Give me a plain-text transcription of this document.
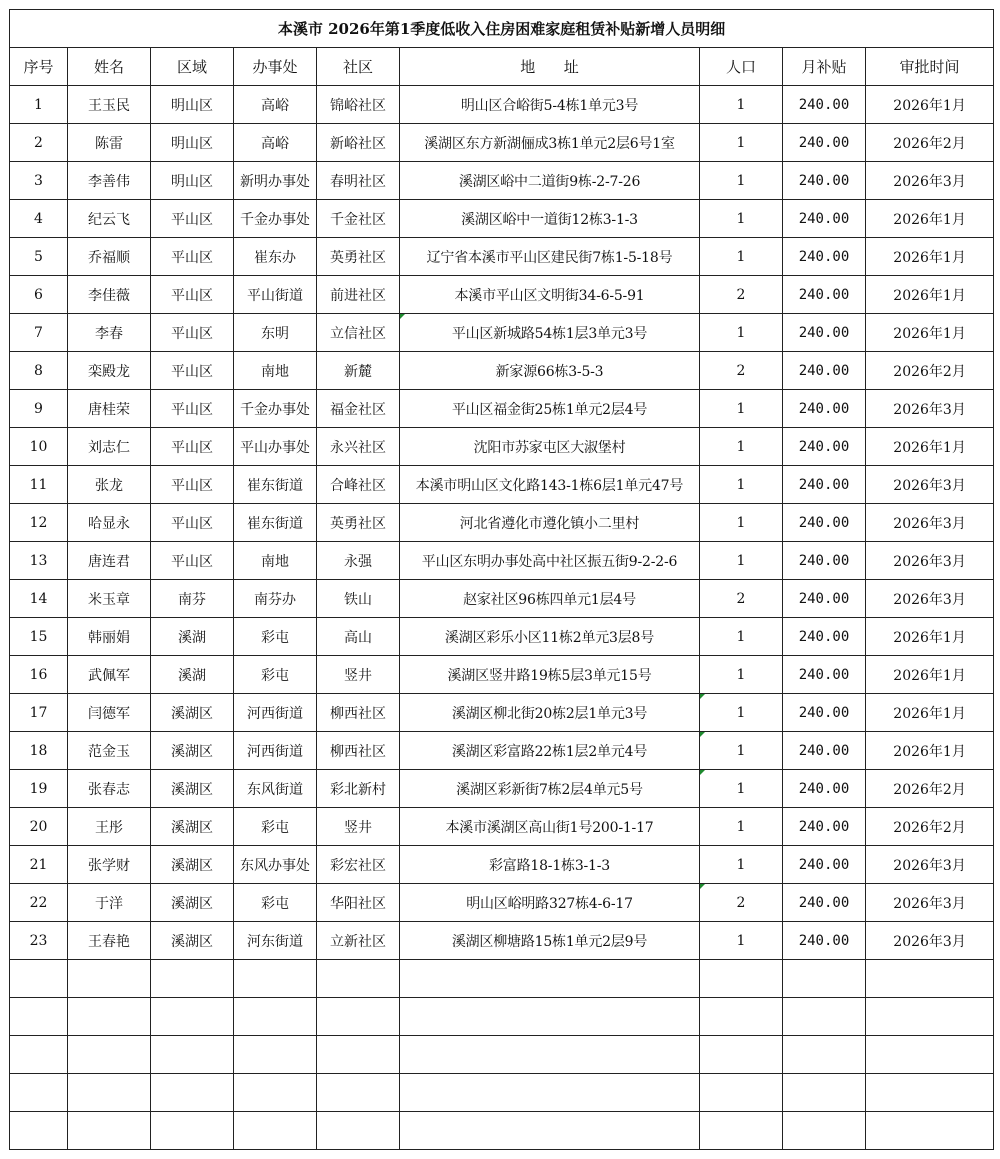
本溪市 2026年第1季度低收入住房困难家庭租赁补贴新增人员明细								
序号	姓名	区域	办事处	社区	地      址	人口	月补贴	审批时间
1	王玉民	明山区	高峪	锦峪社区	明山区合峪街5-4栋1单元3号	1	240.00	2026年1月
2	陈雷	明山区	高峪	新峪社区	溪湖区东方新湖俪成3栋1单元2层6号1室	1	240.00	2026年2月
3	李善伟	明山区	新明办事处	春明社区	溪湖区峪中二道街9栋-2-7-26	1	240.00	2026年3月
4	纪云飞	平山区	千金办事处	千金社区	溪湖区峪中一道街12栋3-1-3	1	240.00	2026年1月
5	乔福顺	平山区	崔东办	英勇社区	辽宁省本溪市平山区建民街7栋1-5-18号	1	240.00	2026年1月
6	李佳薇	平山区	平山街道	前进社区	本溪市平山区文明街34-6-5-91	2	240.00	2026年1月
7	李春	平山区	东明	立信社区	平山区新城路54栋1层3单元3号	1	240.00	2026年1月
8	栾殿龙	平山区	南地	新麓	新家源66栋3-5-3	2	240.00	2026年2月
9	唐桂荣	平山区	千金办事处	福金社区	平山区福金街25栋1单元2层4号	1	240.00	2026年3月
10	刘志仁	平山区	平山办事处	永兴社区	沈阳市苏家屯区大淑堡村	1	240.00	2026年1月
11	张龙	平山区	崔东街道	合峰社区	本溪市明山区文化路143-1栋6层1单元47号	1	240.00	2026年3月
12	哈显永	平山区	崔东街道	英勇社区	河北省遵化市遵化镇小二里村	1	240.00	2026年3月
13	唐连君	平山区	南地	永强	平山区东明办事处高中社区振五街9-2-2-6	1	240.00	2026年3月
14	米玉章	南芬	南芬办	铁山	赵家社区96栋四单元1层4号	2	240.00	2026年3月
15	韩丽娟	溪湖	彩屯	高山	溪湖区彩乐小区11栋2单元3层8号	1	240.00	2026年1月
16	武佩军	溪湖	彩屯	竖井	溪湖区竖井路19栋5层3单元15号	1	240.00	2026年1月
17	闫德军	溪湖区	河西街道	柳西社区	溪湖区柳北街20栋2层1单元3号	1	240.00	2026年1月
18	范金玉	溪湖区	河西街道	柳西社区	溪湖区彩富路22栋1层2单元4号	1	240.00	2026年1月
19	张春志	溪湖区	东风街道	彩北新村	溪湖区彩新街7栋2层4单元5号	1	240.00	2026年2月
20	王彤	溪湖区	彩屯	竖井	本溪市溪湖区高山街1号200-1-17	1	240.00	2026年2月
21	张学财	溪湖区	东风办事处	彩宏社区	彩富路18-1栋3-1-3	1	240.00	2026年3月
22	于洋	溪湖区	彩屯	华阳社区	明山区峪明路327栋4-6-17	2	240.00	2026年3月
23	王春艳	溪湖区	河东街道	立新社区	溪湖区柳塘路15栋1单元2层9号	1	240.00	2026年3月
